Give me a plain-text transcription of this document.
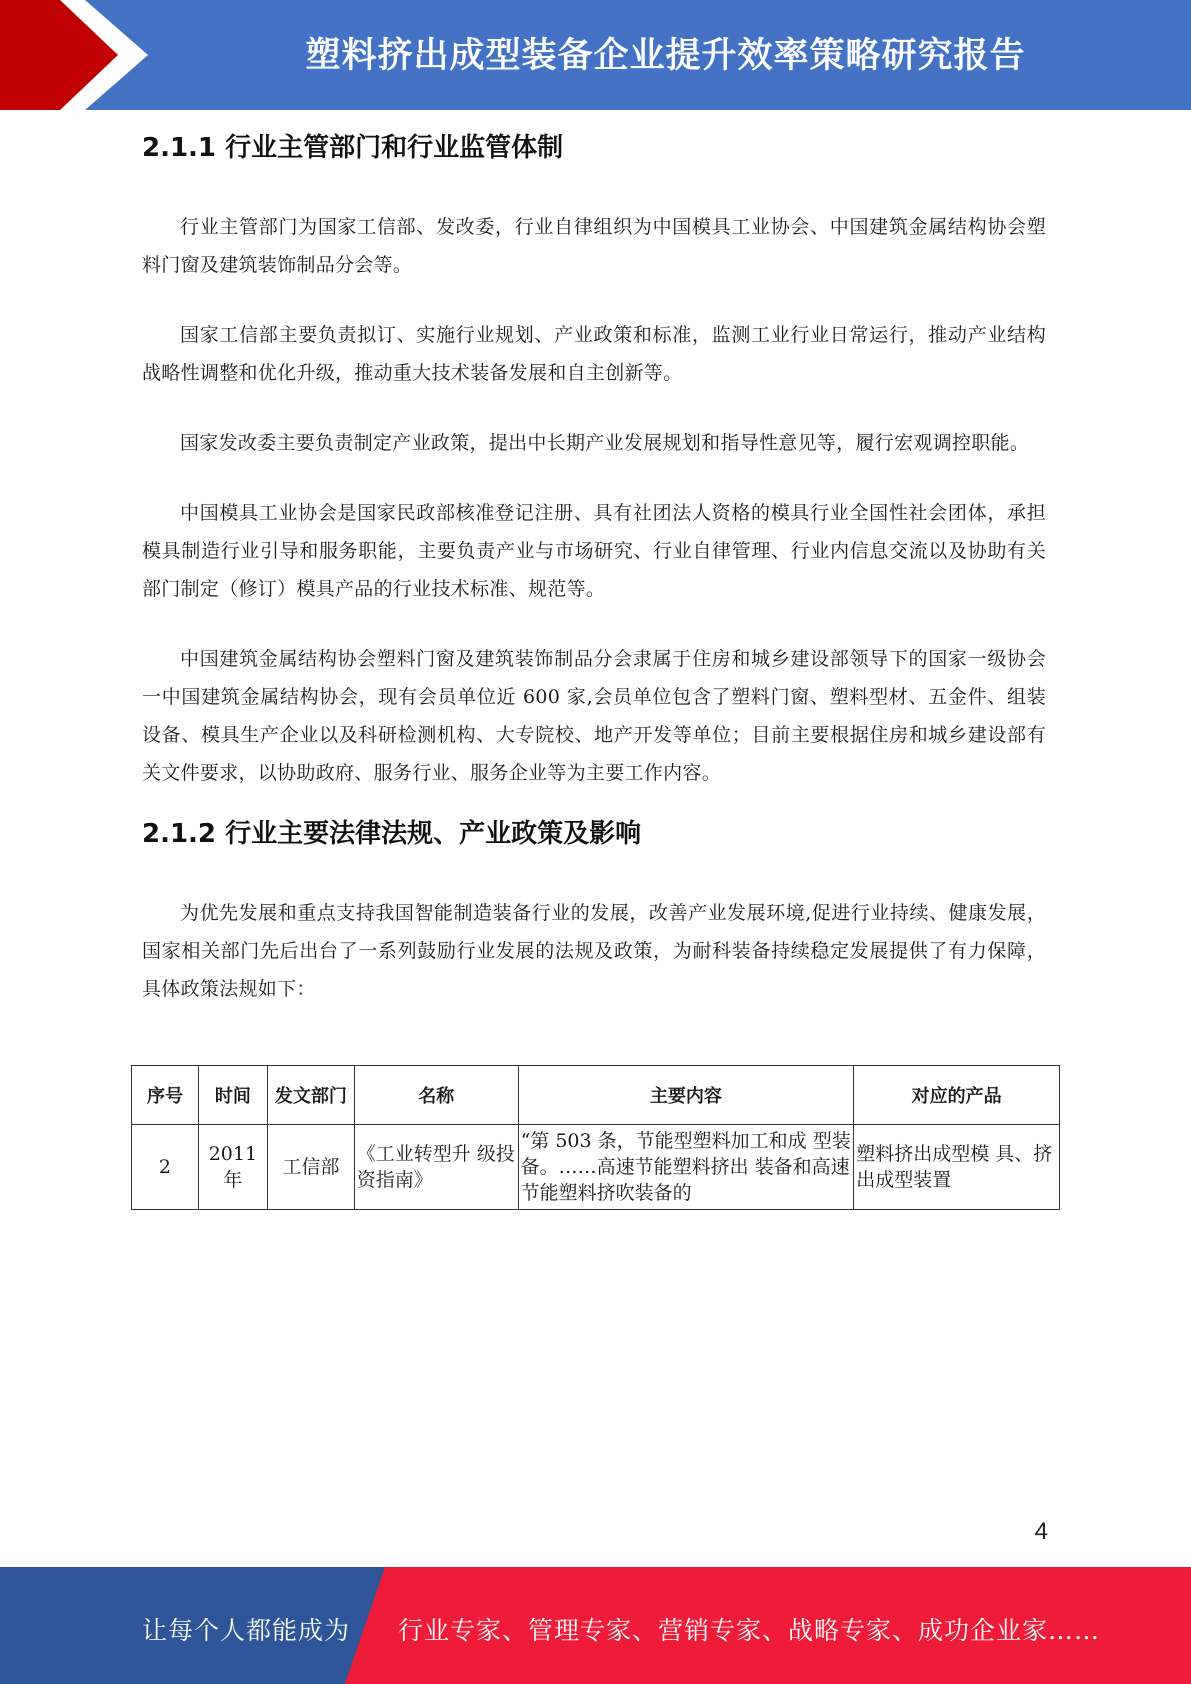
塑料挤出成型装备企业提升效率策略研究报告
2.1.1 行业主管部门和行业监管体制

行业主管部门为国家工信部、发改委，行业自律组织为中国模具工业协会、中国建筑金属结构协会塑料门窗及建筑装饰制品分会等。

国家工信部主要负责拟订、实施行业规划、产业政策和标准，监测工业行业日常运行，推动产业结构战略性调整和优化升级，推动重大技术装备发展和自主创新等。

国家发改委主要负责制定产业政策，提出中长期产业发展规划和指导性意见等，履行宏观调控职能。

中国模具工业协会是国家民政部核准登记注册、具有社团法人资格的模具行业全国性社会团体，承担模具制造行业引导和服务职能，主要负责产业与市场研究、行业自律管理、行业内信息交流以及协助有关部门制定（修订）模具产品的行业技术标准、规范等。

中国建筑金属结构协会塑料门窗及建筑装饰制品分会隶属于住房和城乡建设部领导下的国家一级协会一中国建筑金属结构协会，现有会员单位近 600 家,会员单位包含了塑料门窗、塑料型材、五金件、组装设备、模具生产企业以及科研检测机构、大专院校、地产开发等单位；目前主要根据住房和城乡建设部有关文件要求，以协助政府、服务行业、服务企业等为主要工作内容。

2.1.2 行业主要法律法规、产业政策及影响

为优先发展和重点支持我国智能制造装备行业的发展，改善产业发展环境,促进行业持续、健康发展，国家相关部门先后出台了一系列鼓励行业发展的法规及政策，为耐科装备持续稳定发展提供了有力保障，具体政策法规如下：

序号	时间	发文部门	名称	主要内容	对应的产品
2	2011 年	工信部	《工业转型升 级投资指南》	“第 503 条，节能型塑料加工和成 型装备。……高速节能塑料挤出 装备和高速节能塑料挤吹装备的	塑料挤出成型模 具、挤出成型装置
4
让每个人都能成为 行业专家、管理专家、营销专家、战略专家、成功企业家……
